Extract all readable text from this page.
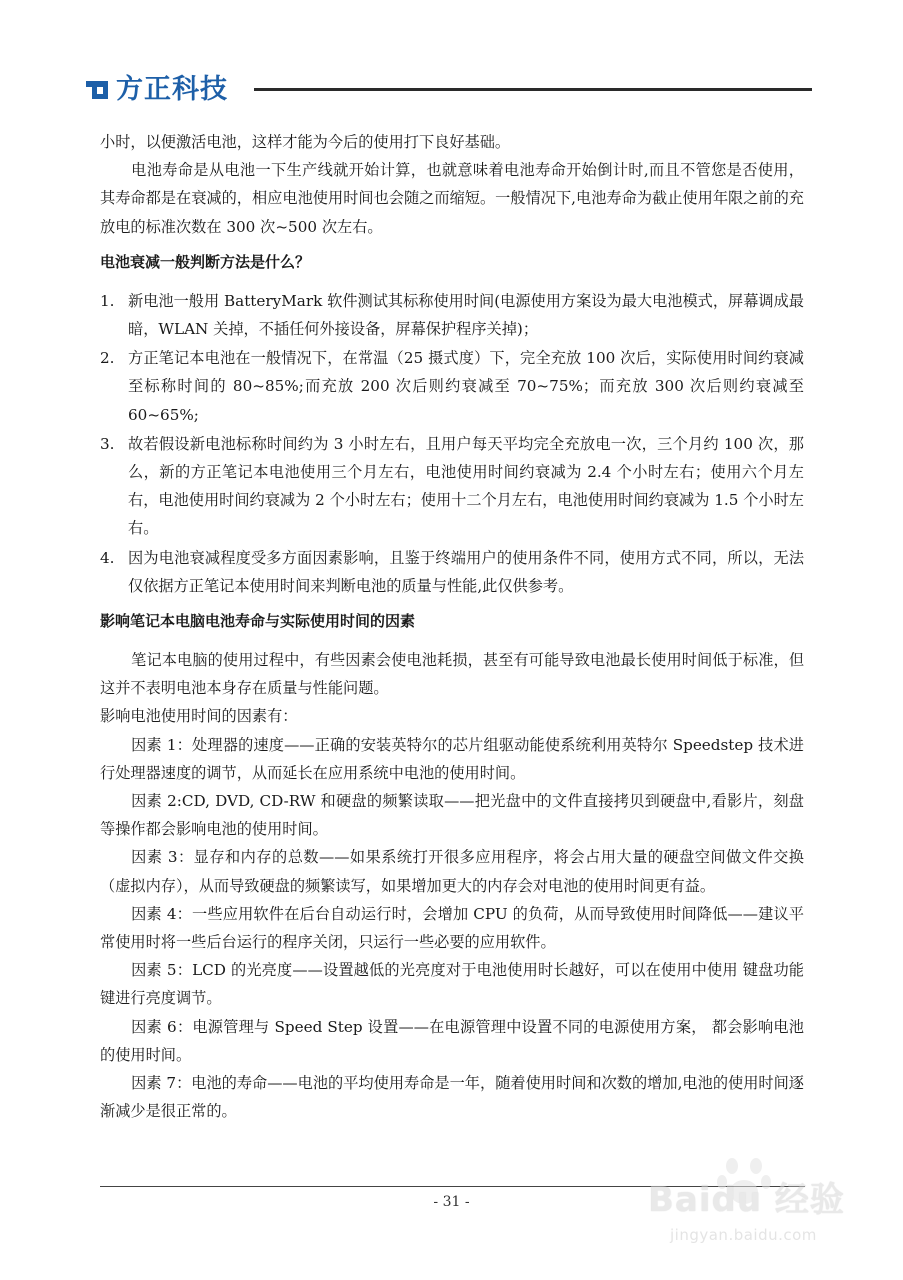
方正科技

小时，以便激活电池，这样才能为今后的使用打下良好基础。

电池寿命是从电池一下生产线就开始计算，也就意味着电池寿命开始倒计时,而且不管您是否使用，其寿命都是在衰减的，相应电池使用时间也会随之而缩短。一般情况下,电池寿命为截止使用年限之前的充放电的标准次数在 300 次~500 次左右。

电池衰减一般判断方法是什么？

1. 新电池一般用 BatteryMark 软件测试其标称使用时间(电源使用方案设为最大电池模式，屏幕调成最暗，WLAN 关掉，不插任何外接设备，屏幕保护程序关掉)；
2. 方正笔记本电池在一般情况下，在常温（25 摄式度）下，完全充放 100 次后，实际使用时间约衰减至标称时间的 80~85%;而充放 200 次后则约衰减至 70~75%；而充放 300 次后则约衰减至 60~65%;
3. 故若假设新电池标称时间约为 3 小时左右，且用户每天平均完全充放电一次，三个月约 100 次，那么，新的方正笔记本电池使用三个月左右，电池使用时间约衰减为 2.4 个小时左右；使用六个月左右，电池使用时间约衰减为 2 个小时左右；使用十二个月左右，电池使用时间约衰减为 1.5 个小时左右。
4. 因为电池衰减程度受多方面因素影响，且鉴于终端用户的使用条件不同，使用方式不同，所以，无法仅依据方正笔记本使用时间来判断电池的质量与性能,此仅供参考。

影响笔记本电脑电池寿命与实际使用时间的因素

笔记本电脑的使用过程中，有些因素会使电池耗损，甚至有可能导致电池最长使用时间低于标准，但这并不表明电池本身存在质量与性能问题。

影响电池使用时间的因素有：

因素 1：处理器的速度——正确的安装英特尔的芯片组驱动能使系统利用英特尔 Speedstep 技术进行处理器速度的调节，从而延长在应用系统中电池的使用时间。

因素 2:CD, DVD, CD-RW 和硬盘的频繁读取——把光盘中的文件直接拷贝到硬盘中,看影片，刻盘等操作都会影响电池的使用时间。

因素 3：显存和内存的总数——如果系统打开很多应用程序，将会占用大量的硬盘空间做文件交换（虚拟内存），从而导致硬盘的频繁读写，如果增加更大的内存会对电池的使用时间更有益。

因素 4：一些应用软件在后台自动运行时，会增加 CPU 的负荷，从而导致使用时间降低——建议平常使用时将一些后台运行的程序关闭，只运行一些必要的应用软件。

因素 5：LCD 的光亮度——设置越低的光亮度对于电池使用时长越好，可以在使用中使用 键盘功能键进行亮度调节。

因素 6：电源管理与 Speed Step 设置——在电源管理中设置不同的电源使用方案， 都会影响电池的使用时间。

因素 7：电池的寿命——电池的平均使用寿命是一年，随着使用时间和次数的增加,电池的使用时间逐渐减少是很正常的。

- 31 -	Baidu 经验
jingyan.baidu.com
